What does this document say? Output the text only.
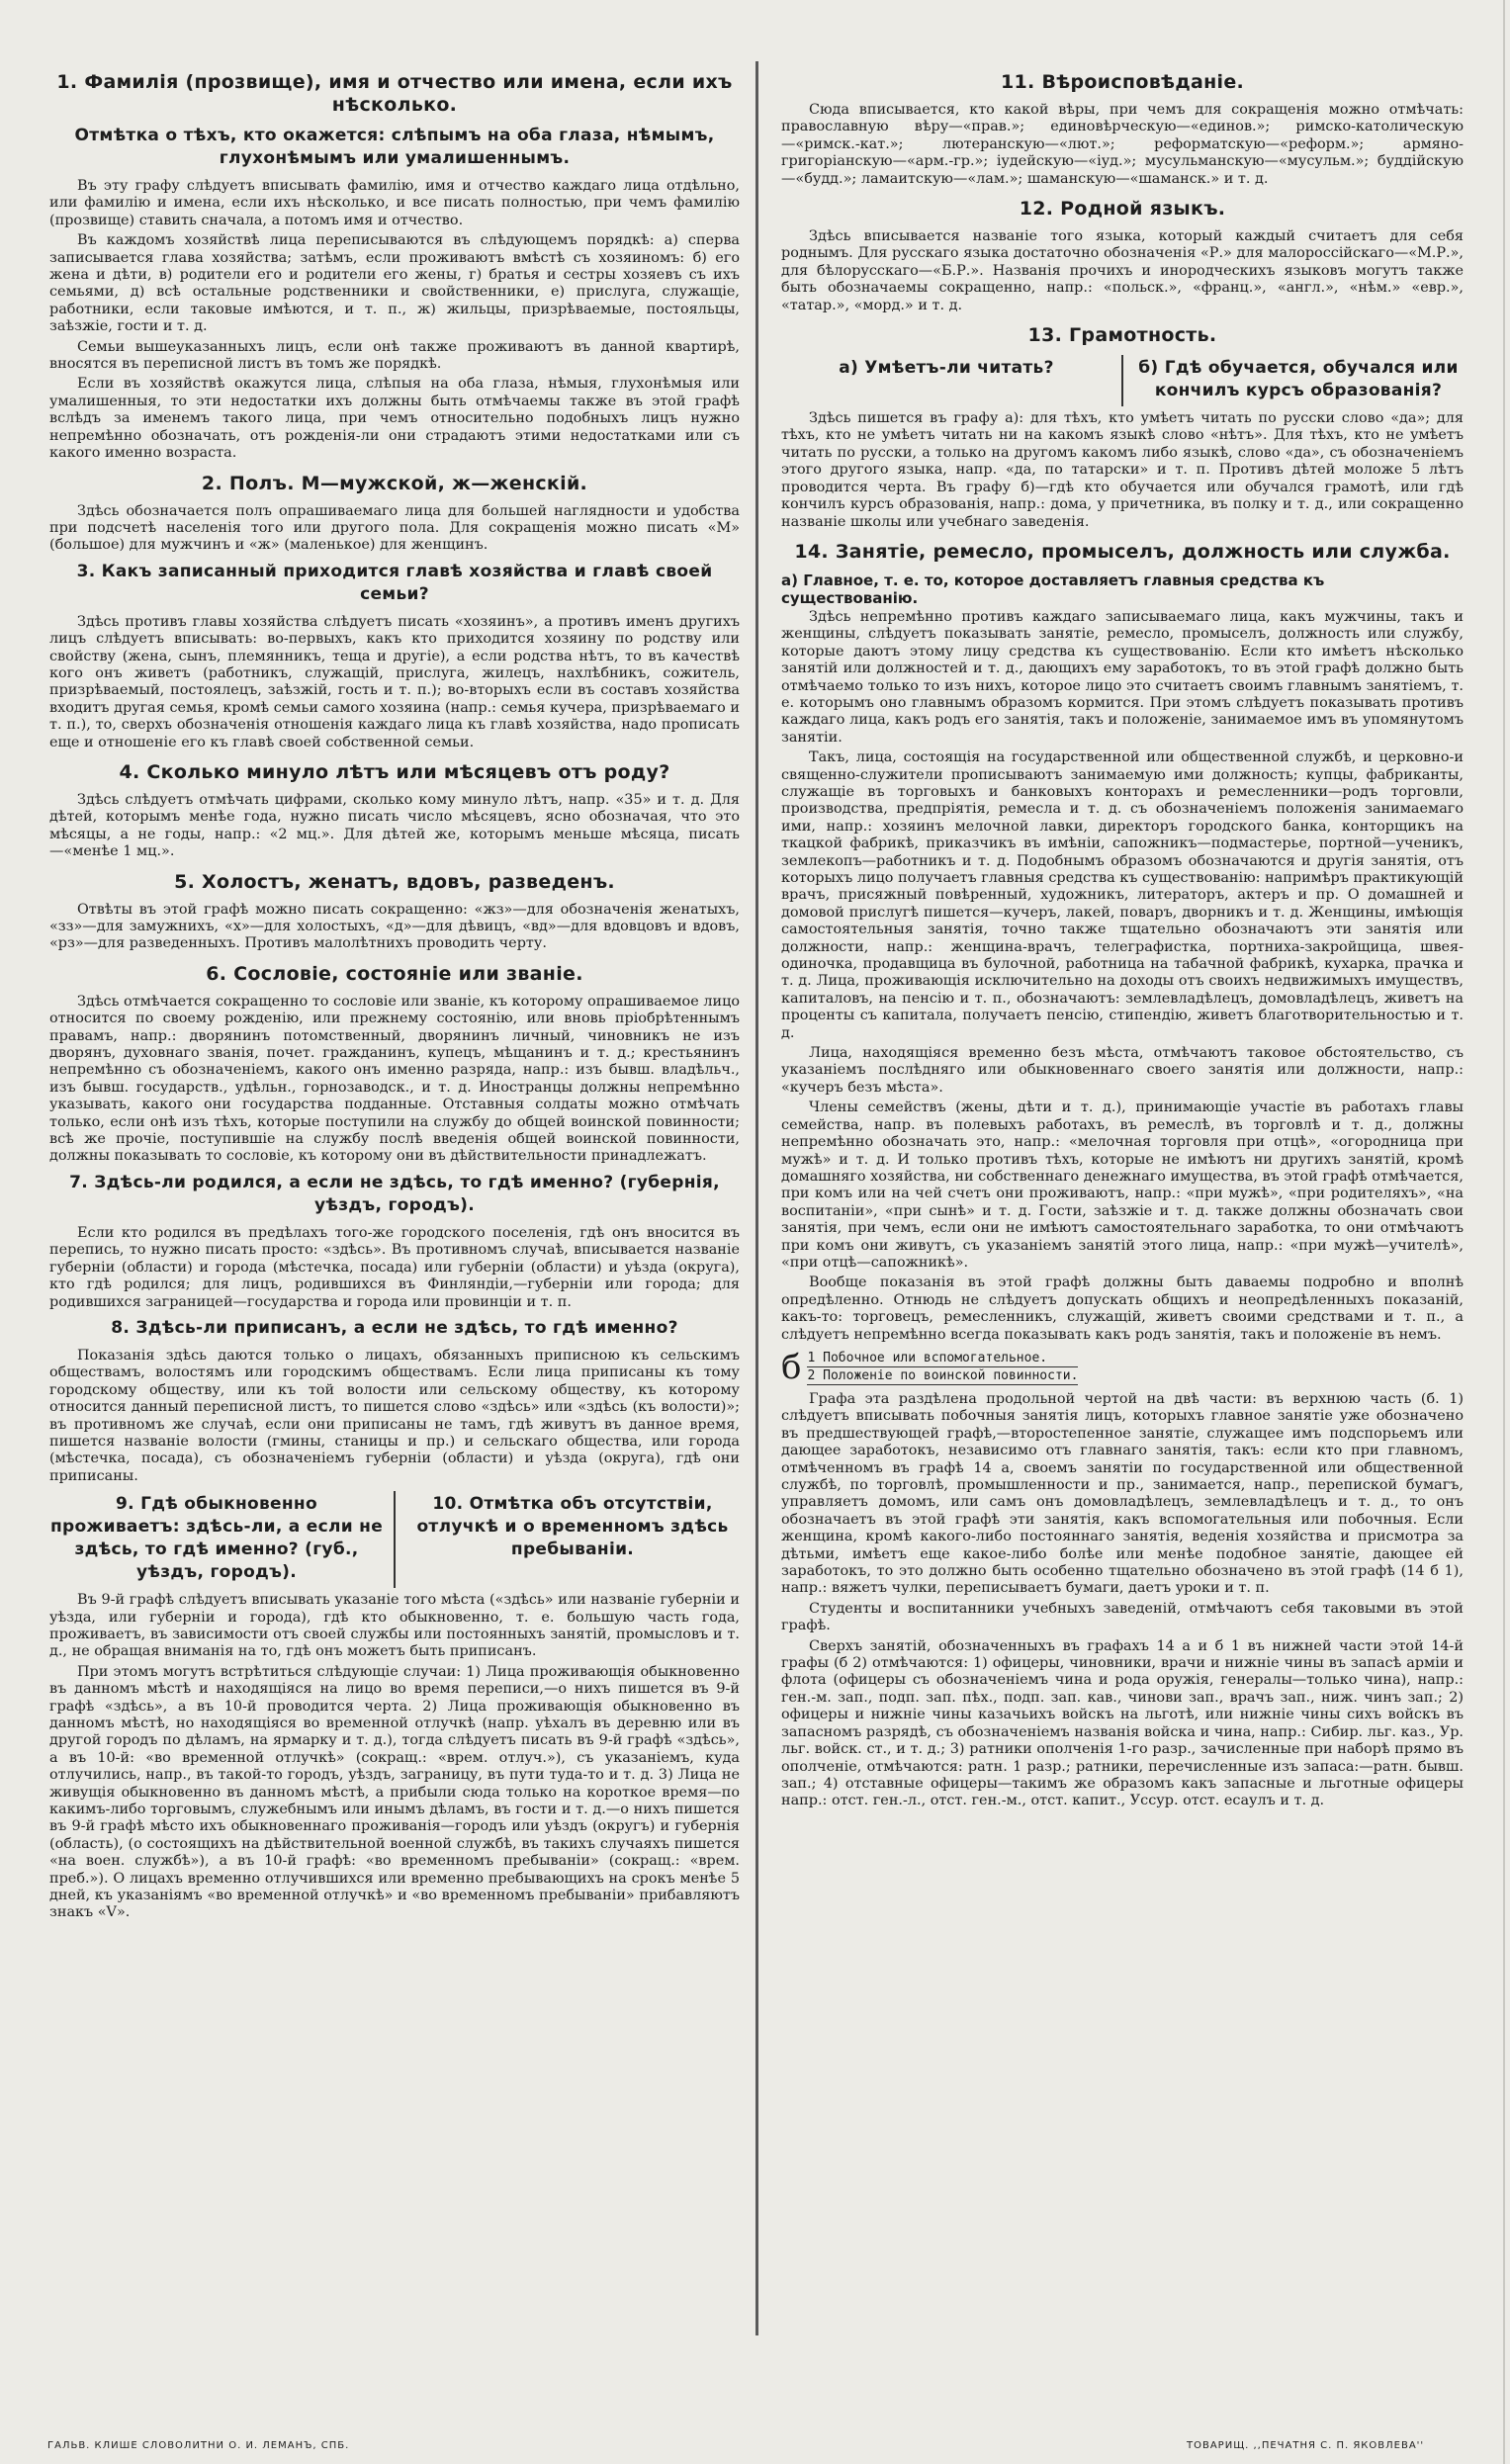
1. Фамилія (прозвище), имя и отчество или имена, если ихъ нѣсколько.
Отмѣтка о тѣхъ, кто окажется: слѣпымъ на оба глаза, нѣмымъ, глухонѣмымъ или умалишеннымъ.

Въ эту графу слѣдуетъ вписывать фамилію, имя и отчество каждаго лица отдѣльно, или фамилію и имена, если ихъ нѣсколько, и все писать полностью, при чемъ фамилію (прозвище) ставить сначала, а потомъ имя и отчество.

Въ каждомъ хозяйствѣ лица переписываются въ слѣдующемъ порядкѣ: а) сперва записывается глава хозяйства; затѣмъ, если проживаютъ вмѣстѣ съ хозяиномъ: б) его жена и дѣти, в) родители его и родители его жены, г) братья и сестры хозяевъ съ ихъ семьями, д) всѣ остальные родственники и свойственники, е) прислуга, служащіе, работники, если таковые имѣются, и т. п., ж) жильцы, призрѣваемые, постояльцы, заѣзжіе, гости и т. д.

Семьи вышеуказанныхъ лицъ, если онѣ также проживаютъ въ данной квартирѣ, вносятся въ переписной листъ въ томъ же порядкѣ.

Если въ хозяйствѣ окажутся лица, слѣпыя на оба глаза, нѣмыя, глухонѣмыя или умалишенныя, то эти недостатки ихъ должны быть отмѣчаемы также въ этой графѣ вслѣдъ за именемъ такого лица, при чемъ относительно подобныхъ лицъ нужно непремѣнно обозначать, отъ рожденія-ли они страдаютъ этими недостатками или съ какого именно возраста.

2. Полъ. М—мужской, ж—женскій.

Здѣсь обозначается полъ опрашиваемаго лица для большей наглядности и удобства при подсчетѣ населенія того или другого пола. Для сокращенія можно писать «М» (большое) для мужчинъ и «ж» (маленькое) для женщинъ.

3. Какъ записанный приходится главѣ хозяйства и главѣ своей семьи?

Здѣсь противъ главы хозяйства слѣдуетъ писать «хозяинъ», а противъ именъ другихъ лицъ слѣдуетъ вписывать: во-первыхъ, какъ кто приходится хозяину по родству или свойству (жена, сынъ, племянникъ, теща и другіе), а если родства нѣтъ, то въ качествѣ кого онъ живетъ (работникъ, служащій, прислуга, жилецъ, нахлѣбникъ, сожитель, призрѣваемый, постоялецъ, заѣзжій, гость и т. п.); во-вторыхъ если въ составъ хозяйства входитъ другая семья, кромѣ семьи самого хозяина (напр.: семья кучера, призрѣваемаго и т. п.), то, сверхъ обозначенія отношенія каждаго лица къ главѣ хозяйства, надо прописать еще и отношеніе его къ главѣ своей собственной семьи.

4. Сколько минуло лѣтъ или мѣсяцевъ отъ роду?

Здѣсь слѣдуетъ отмѣчать цифрами, сколько кому минуло лѣтъ, напр. «35» и т. д. Для дѣтей, которымъ менѣе года, нужно писать число мѣсяцевъ, ясно обозначая, что это мѣсяцы, а не годы, напр.: «2 мц.». Для дѣтей же, которымъ меньше мѣсяца, писать—«менѣе 1 мц.».

5. Холостъ, женатъ, вдовъ, разведенъ.

Отвѣты въ этой графѣ можно писать сокращенно: «жз»—для обозначенія женатыхъ, «зз»—для замужнихъ, «х»—для холостыхъ, «д»—для дѣвицъ, «вд»—для вдовцовъ и вдовъ, «рз»—для разведенныхъ. Противъ малолѣтнихъ проводить черту.

6. Сословіе, состояніе или званіе.

Здѣсь отмѣчается сокращенно то сословіе или званіе, къ которому опрашиваемое лицо относится по своему рожденію, или прежнему состоянію, или вновь пріобрѣтеннымъ правамъ, напр.: дворянинъ потомственный, дворянинъ личный, чиновникъ не изъ дворянъ, духовнаго званія, почет. гражданинъ, купецъ, мѣщанинъ и т. д.; крестьянинъ непремѣнно съ обозначеніемъ, какого онъ именно разряда, напр.: изъ бывш. владѣльч., изъ бывш. государств., удѣльн., горнозаводск., и т. д. Иностранцы должны непремѣнно указывать, какого они государства подданные. Отставныя солдаты можно отмѣчать только, если онѣ изъ тѣхъ, которые поступили на службу до общей воинской повинности; всѣ же прочіе, поступившіе на службу послѣ введенія общей воинской повинности, должны показывать то сословіе, къ которому они въ дѣйствительности принадлежатъ.

7. Здѣсь-ли родился, а если не здѣсь, то гдѣ именно? (губернія, уѣздъ, городъ).

Если кто родился въ предѣлахъ того-же городского поселенія, гдѣ онъ вносится въ перепись, то нужно писать просто: «здѣсь». Въ противномъ случаѣ, вписывается названіе губерніи (области) и города (мѣстечка, посада) или губерніи (области) и уѣзда (округа), кто гдѣ родился; для лицъ, родившихся въ Финляндіи,—губерніи или города; для родившихся заграницей—государства и города или провинціи и т. п.

8. Здѣсь-ли приписанъ, а если не здѣсь, то гдѣ именно?

Показанія здѣсь даются только о лицахъ, обязанныхъ приписною къ сельскимъ обществамъ, волостямъ или городскимъ обществамъ. Если лица приписаны къ тому городскому обществу, или къ той волости или сельскому обществу, къ которому относится данный переписной листъ, то пишется слово «здѣсь» или «здѣсь (къ волости)»; въ противномъ же случаѣ, если они приписаны не тамъ, гдѣ живутъ въ данное время, пишется названіе волости (гмины, станицы и пр.) и сельскаго общества, или города (мѣстечка, посада), съ обозначеніемъ губерніи (области) и уѣзда (округа), гдѣ они приписаны.

9. Гдѣ обыкновенно проживаетъ: здѣсь-ли, а если не здѣсь, то гдѣ именно? (губ., уѣздъ, городъ).
10. Отмѣтка объ отсутствіи, отлучкѣ и о временномъ здѣсь пребываніи.

Въ 9-й графѣ слѣдуетъ вписывать указаніе того мѣста («здѣсь» или названіе губерніи и уѣзда, или губерніи и города), гдѣ кто обыкновенно, т. е. большую часть года, проживаетъ, въ зависимости отъ своей службы или постоянныхъ занятій, промысловъ и т. д., не обращая вниманія на то, гдѣ онъ можетъ быть приписанъ.

При этомъ могутъ встрѣтиться слѣдующіе случаи: 1) Лица проживающія обыкновенно въ данномъ мѣстѣ и находящіяся на лицо во время переписи,—о нихъ пишется въ 9-й графѣ «здѣсь», а въ 10-й проводится черта. 2) Лица проживающія обыкновенно въ данномъ мѣстѣ, но находящіяся во временной отлучкѣ (напр. уѣхалъ въ деревню или въ другой городъ по дѣламъ, на ярмарку и т. д.), тогда слѣдуетъ писать въ 9-й графѣ «здѣсь», а въ 10-й: «во временной отлучкѣ» (сокращ.: «врем. отлуч.»), съ указаніемъ, куда отлучились, напр., въ такой-то городъ, уѣздъ, заграницу, въ пути туда-то и т. д. 3) Лица не живущія обыкновенно въ данномъ мѣстѣ, а прибыли сюда только на короткое время—по какимъ-либо торговымъ, служебнымъ или инымъ дѣламъ, въ гости и т. д.—о нихъ пишется въ 9-й графѣ мѣсто ихъ обыкновеннаго проживанія—городъ или уѣздъ (округъ) и губернія (область), (о состоящихъ на дѣйствительной военной службѣ, въ такихъ случаяхъ пишется «на воен. службѣ»), а въ 10-й графѣ: «во временномъ пребываніи» (сокращ.: «врем. преб.»). О лицахъ временно отлучившихся или временно пребывающихъ на срокъ менѣе 5 дней, къ указаніямъ «во временной отлучкѣ» и «во временномъ пребываніи» прибавляютъ знакъ «V».

11. Вѣроисповѣданіе.

Сюда вписывается, кто какой вѣры, при чемъ для сокращенія можно отмѣчать: православную вѣру—«прав.»; единовѣрческую—«единов.»; римско-католическую—«римск.-кат.»; лютеранскую—«лют.»; реформатскую—«реформ.»; армяно-григоріанскую—«арм.-гр.»; іудейскую—«іуд.»; мусульманскую—«мусульм.»; буддійскую—«будд.»; ламаитскую—«лам.»; шаманскую—«шаманск.» и т. д.

12. Родной языкъ.

Здѣсь вписывается названіе того языка, который каждый считаетъ для себя роднымъ. Для русскаго языка достаточно обозначенія «Р.» для малороссійскаго—«М.Р.», для бѣлорусскаго—«Б.Р.». Названія прочихъ и инородческихъ языковъ могутъ также быть обозначаемы сокращенно, напр.: «польск.», «франц.», «англ.», «нѣм.» «евр.», «татар.», «морд.» и т. д.

13. Грамотность.
а) Умѣетъ-ли читать?	б) Гдѣ обучается, обучался или кончилъ курсъ образованія?

Здѣсь пишется въ графу а): для тѣхъ, кто умѣетъ читать по русски слово «да»; для тѣхъ, кто не умѣетъ читать ни на какомъ языкѣ слово «нѣтъ». Для тѣхъ, кто не умѣетъ читать по русски, а только на другомъ какомъ либо языкѣ, слово «да», съ обозначеніемъ этого другого языка, напр. «да, по татарски» и т. п. Противъ дѣтей моложе 5 лѣтъ проводится черта. Въ графу б)—гдѣ кто обучается или обучался грамотѣ, или гдѣ кончилъ курсъ образованія, напр.: дома, у причетника, въ полку и т. д., или сокращенно названіе школы или учебнаго заведенія.

14. Занятіе, ремесло, промыселъ, должность или служба.
а) Главное, т. е. то, которое доставляетъ главныя средства къ существованію.

Здѣсь непремѣнно противъ каждаго записываемаго лица, какъ мужчины, такъ и женщины, слѣдуетъ показывать занятіе, ремесло, промыселъ, должность или службу, которые даютъ этому лицу средства къ существованію. Если кто имѣетъ нѣсколько занятій или должностей и т. д., дающихъ ему заработокъ, то въ этой графѣ должно быть отмѣчаемо только то изъ нихъ, которое лицо это считаетъ своимъ главнымъ занятіемъ, т. е. которымъ оно главнымъ образомъ кормится. При этомъ слѣдуетъ показывать противъ каждаго лица, какъ родъ его занятія, такъ и положеніе, занимаемое имъ въ упомянутомъ занятіи.

Такъ, лица, состоящія на государственной или общественной службѣ, и церковно-и священно-служители прописываютъ занимаемую ими должность; купцы, фабриканты, служащіе въ торговыхъ и банковыхъ конторахъ и ремесленники—родъ торговли, производства, предпріятія, ремесла и т. д. съ обозначеніемъ положенія занимаемаго ими, напр.: хозяинъ мелочной лавки, директоръ городского банка, конторщикъ на ткацкой фабрикѣ, приказчикъ въ имѣніи, сапожникъ—подмастерье, портной—ученикъ, землекопъ—работникъ и т. д. Подобнымъ образомъ обозначаются и другія занятія, отъ которыхъ лицо получаетъ главныя средства къ существованію: напримѣръ практикующій врачъ, присяжный повѣренный, художникъ, литераторъ, актеръ и пр. О домашней и домовой прислугѣ пишется—кучеръ, лакей, поваръ, дворникъ и т. д. Женщины, имѣющія самостоятельныя занятія, точно также тщательно обозначаютъ эти занятія или должности, напр.: женщина-врачъ, телеграфистка, портниха-закройщица, швея-одиночка, продавщица въ булочной, работница на табачной фабрикѣ, кухарка, прачка и т. д. Лица, проживающія исключительно на доходы отъ своихъ недвижимыхъ имуществъ, капиталовъ, на пенсію и т. п., обозначаютъ: землевладѣлецъ, домовладѣлецъ, живетъ на проценты съ капитала, получаетъ пенсію, стипендію, живетъ благотворительностью и т. д.

Лица, находящіяся временно безъ мѣста, отмѣчаютъ таковое обстоятельство, съ указаніемъ послѣдняго или обыкновеннаго своего занятія или должности, напр.: «кучеръ безъ мѣста».

Члены семействъ (жены, дѣти и т. д.), принимающіе участіе въ работахъ главы семейства, напр. въ полевыхъ работахъ, въ ремеслѣ, въ торговлѣ и т. д., должны непремѣнно обозначать это, напр.: «мелочная торговля при отцѣ», «огородница при мужѣ» и т. д. И только противъ тѣхъ, которые не имѣютъ ни другихъ занятій, кромѣ домашняго хозяйства, ни собственнаго денежнаго имущества, въ этой графѣ отмѣчается, при комъ или на чей счетъ они проживаютъ, напр.: «при мужѣ», «при родителяхъ», «на воспитаніи», «при сынѣ» и т. д. Гости, заѣзжіе и т. д. также должны обозначать свои занятія, при чемъ, если они не имѣютъ самостоятельнаго заработка, то они отмѣчаютъ при комъ они живутъ, съ указаніемъ занятій этого лица, напр.: «при мужѣ—учителѣ», «при отцѣ—сапожникѣ».

Вообще показанія въ этой графѣ должны быть даваемы подробно и вполнѣ опредѣленно. Отнюдь не слѣдуетъ допускать общихъ и неопредѣленныхъ показаній, какъ-то: торговецъ, ремесленникъ, служащій, живетъ своими средствами и т. п., а слѣдуетъ непремѣнно всегда показывать какъ родъ занятія, такъ и положеніе въ немъ.

б 1 Побочное или вспомогательное.
2 Положеніе по воинской повинности.

Графа эта раздѣлена продольной чертой на двѣ части: въ верхнюю часть (б. 1) слѣдуетъ вписывать побочныя занятія лицъ, которыхъ главное занятіе уже обозначено въ предшествующей графѣ,—второстепенное занятіе, служащее имъ подспорьемъ или дающее заработокъ, независимо отъ главнаго занятія, такъ: если кто при главномъ, отмѣченномъ въ графѣ 14 а, своемъ занятіи по государственной или общественной службѣ, по торговлѣ, промышленности и пр., занимается, напр., перепиской бумагъ, управляетъ домомъ, или самъ онъ домовладѣлецъ, землевладѣлецъ и т. д., то онъ обозначаетъ въ этой графѣ эти занятія, какъ вспомогательныя или побочныя. Если женщина, кромѣ какого-либо постояннаго занятія, веденія хозяйства и присмотра за дѣтьми, имѣетъ еще какое-либо болѣе или менѣе подобное занятіе, дающее ей заработокъ, то это должно быть особенно тщательно обозначено въ этой графѣ (14 б 1), напр.: вяжетъ чулки, переписываетъ бумаги, даетъ уроки и т. п.

Студенты и воспитанники учебныхъ заведеній, отмѣчаютъ себя таковыми въ этой графѣ.

Сверхъ занятій, обозначенныхъ въ графахъ 14 а и б 1 въ нижней части этой 14-й графы (б 2) отмѣчаются: 1) офицеры, чиновники, врачи и нижніе чины въ запасѣ арміи и флота (офицеры съ обозначеніемъ чина и рода оружія, генералы—только чина), напр.: ген.-м. зап., подп. зап. пѣх., подп. зап. кав., чинови зап., врачъ зап., ниж. чинъ зап.; 2) офицеры и нижніе чины казачьихъ войскъ на льготѣ, или нижніе чины сихъ войскъ въ запасномъ разрядѣ, съ обозначеніемъ названія войска и чина, напр.: Сибир. льг. каз., Ур. льг. войск. ст., и т. д.; 3) ратники ополченія 1-го разр., зачисленные при наборѣ прямо въ ополченіе, отмѣчаются: ратн. 1 разр.; ратники, перечисленные изъ запаса:—ратн. бывш. зап.; 4) отставные офицеры—такимъ же образомъ какъ запасные и льготные офицеры напр.: отст. ген.-л., отст. ген.-м., отст. капит., Уссур. отст. есаулъ и т. д.

ГАЛЬВ. КЛИШЕ СЛОВОЛИТНИ О. И. ЛЕМАНЪ, СПБ.	ТОВАРИЩ. ,,ПЕЧАТНЯ С. П. ЯКОВЛЕВА''
